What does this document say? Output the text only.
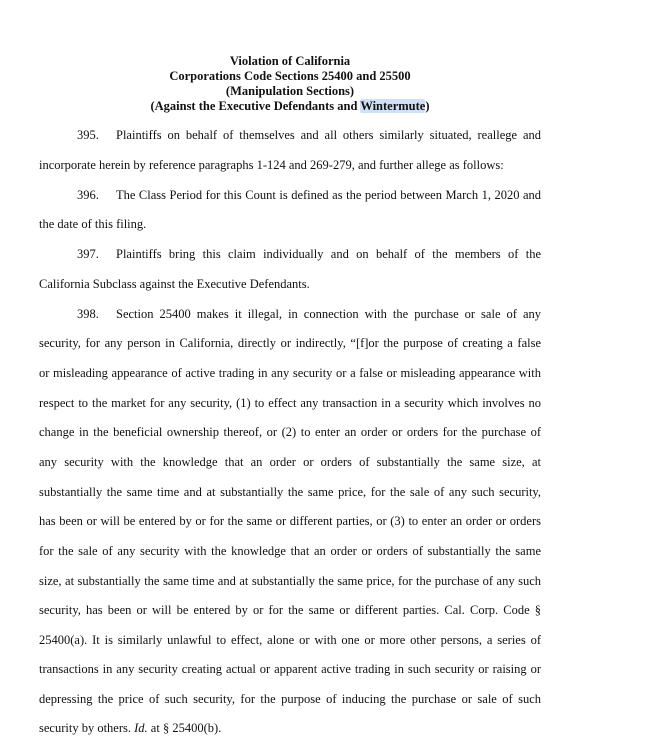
Violation of California
Corporations Code Sections 25400 and 25500
(Manipulation Sections)
(Against the Executive Defendants and Wintermute)
395. Plaintiffs on behalf of themselves and all others similarly situated, reallege and
incorporate herein by reference paragraphs 1-124 and 269-279, and further allege as follows:
396. The Class Period for this Count is defined as the period between March 1, 2020 and
the date of this filing.
397. Plaintiffs bring this claim individually and on behalf of the members of the
California Subclass against the Executive Defendants.
398. Section 25400 makes it illegal, in connection with the purchase or sale of any
security, for any person in California, directly or indirectly, “[f]or the purpose of creating a false
or misleading appearance of active trading in any security or a false or misleading appearance with
respect to the market for any security, (1) to effect any transaction in a security which involves no
change in the beneficial ownership thereof, or (2) to enter an order or orders for the purchase of
any security with the knowledge that an order or orders of substantially the same size, at
substantially the same time and at substantially the same price, for the sale of any such security,
has been or will be entered by or for the same or different parties, or (3) to enter an order or orders
for the sale of any security with the knowledge that an order or orders of substantially the same
size, at substantially the same time and at substantially the same price, for the purchase of any such
security, has been or will be entered by or for the same or different parties. Cal. Corp. Code §
25400(a). It is similarly unlawful to effect, alone or with one or more other persons, a series of
transactions in any security creating actual or apparent active trading in such security or raising or
depressing the price of such security, for the purpose of inducing the purchase or sale of such
security by others. Id. at § 25400(b).
